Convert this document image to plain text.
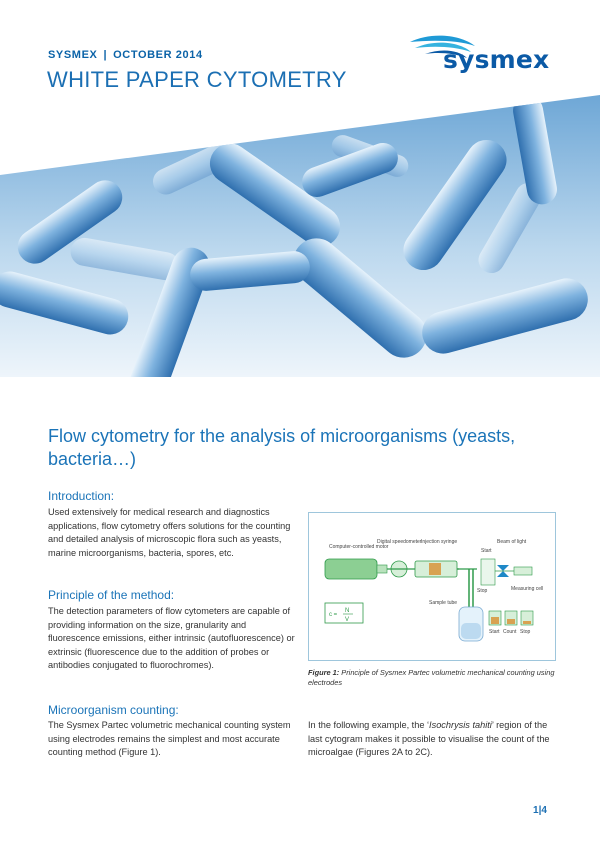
SYSMEX | OCTOBER 2014
WHITE PAPER CYTOMETRY
sysmex
Flow cytometry for the analysis of microorganisms (yeasts, bacteria…)
Introduction:
Used extensively for medical research and diagnostics applications, flow cytometry offers solutions for the counting and detailed analysis of microscopic flora such as yeasts, marine microorganisms, bacteria, spores, etc.
Principle of the method:
The detection parameters of flow cytometers are capable of providing information on the size, granularity and fluorescence emissions, either intrinsic (autofluorescence) or extrinsic (fluorescence due to the addition of probes or antibodies conjugated to fluorochromes).
Microorganism counting:
The Sysmex Partec volumetric mechanical counting system using electrodes remains the simplest and most accurate counting method (Figure 1).
In the following example, the ‘Isochrysis tahiti’ region of the last cytogram makes it possible to visualise the count of the microalgae (Figures 2A to 2C).
Computer-controlled motor
Digital speedometer Injection syringe
Start
Beam of light
Stop	Measuring cell
Sample tube
c =
N
V
Start Count Stop
Figure 1: Principle of Sysmex Partec volumetric mechanical counting using electrodes
1|4
